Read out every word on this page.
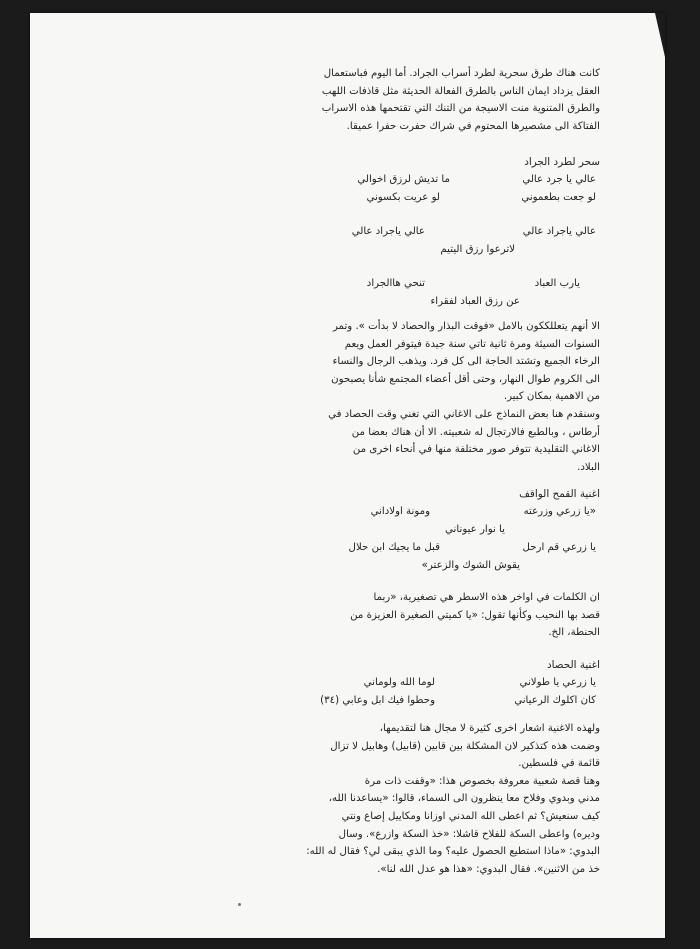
كانت هناك طرق سحرية لطرد أسراب الجراد. أما اليوم فباستعمال

العقل يزداد ايمان الناس بالطرق الفعالة الحديثة مثل قاذفات اللهب

والطرق المتنوية منت الاسيجة من التنك التي تقتحمها هذه الاسراب

الفتاكة الى مشصيرها المحتوم في شراك حفرت حفرا عميقا.

سحر لطرد الجراد
عالي يا جرد عالي
ما تديش لرزق اخوالي
لو جعت بطعموني
لو عريت بكسوني
عالي ياجراد عالي
عالي ياجراد عالي
لاترعوا رزق اليتيم
يارب العباد
تنحي هاالجراد
عن رزق العباد لفقراء

الا أنهم يتعللككون بالامل «فوقت البذار والحصاد لا بدأت ». وتمر

السنوات السيئة ومرة ثانية تاتي سنة جيدة فيتوفر العمل ويعم

الرخاء الجميع وتشتد الحاجة الى كل فرد. ويذهب الرجال والنساء

الى الكروم طوال النهار، وحتى أقل أعضاء المجتمع شأنا يصبحون

من الاهمية بمكان كبير.

وسنقدم هنا بعض النماذج على الاغاني التي تغني وقت الحصاد في

أرطاس ، وبالطبع فالارتجال له شعبيته. الا أن هناك بعضا من

الاغاني التقليدية تتوفر صور مختلفة منها في أنحاء اخرى من

البلاد.

اغنية القمح الواقف
«يا زرعي وزرعته
ومونة اولاداني
يا نوار عيوناني
يا زرعي قم ارحل
قبل ما يجيك ابن حلال
يقوش الشوك والزعتر»

ان الكلمات في اواخر هذه الاسطر هي تصغيرية، «ربما

قصد بها النحيب وكأنها تقول: «يا كميتي الصغيرة العزيزة من

الحنطة، الخ.

اغنية الحصاد
يا زرعي يا طولاني
لوما الله ولوماني
كان اكلوك الرعياني
وحطوا فيك ابل وعابي (٣٤)

ولهذه الاغنية اشعار اخرى كثيرة لا مجال هنا لتقديمها،

وضمت هذه كتذكير لان المشكلة بين قابين (قابيل) وهابيل لا تزال

قائمة في فلسطين.

وهنا قصة شعبية معروفة بخصوص هذا: «وقفت ذات مرة

مدني وبدوي وفلاح معا ينظرون الى السماء، قالوا: «يساعدنا الله،

كيف سنعيش؟ ثم اعطى الله المدني اوزانا ومكاييل إصاع ونتي

وديره) واعطى السكة للفلاح قاشلا: «خذ السكة وازرع». وسال

البدوي: «ماذا استطيع الحصول عليه؟ وما الذي يبقى لي؟ فقال له الله:

خذ من الاثنين». فقال البدوي: «هذا هو عدل الله لنا».
